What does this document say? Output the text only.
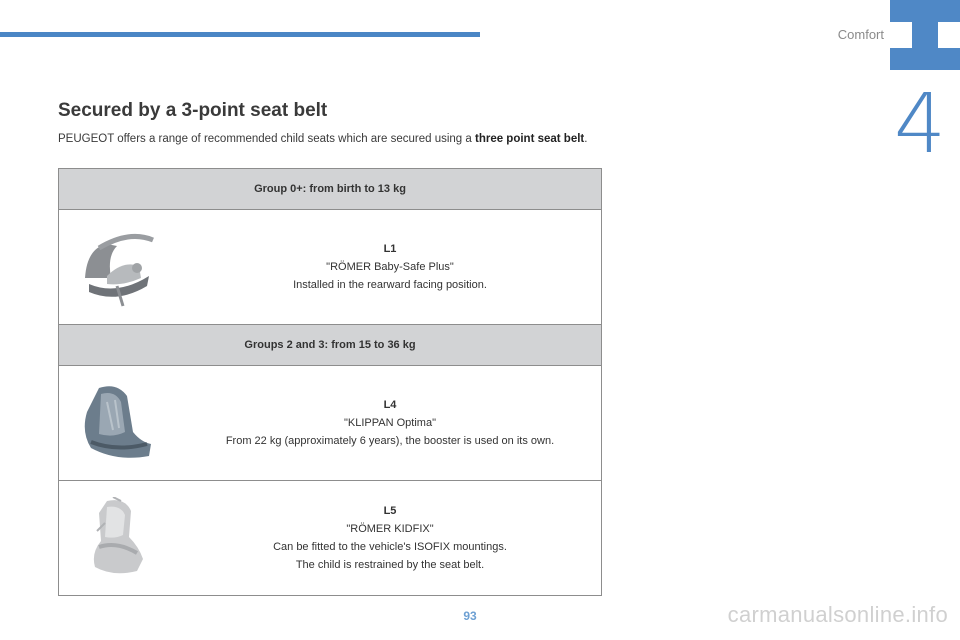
Comfort
4
Secured by a 3-point seat belt

PEUGEOT offers a range of recommended child seats which are secured using a three point seat belt.

Group 0+: from birth to 13 kg

L1
"RÖMER Baby-Safe Plus"
Installed in the rearward facing position.

Groups 2 and 3: from 15 to 36 kg

L4
"KLIPPAN Optima"
From 22 kg (approximately 6 years), the booster is used on its own.

L5
"RÖMER KIDFIX"
Can be fitted to the vehicle's ISOFIX mountings.
The child is restrained by the seat belt.
93	carmanualsonline.info
